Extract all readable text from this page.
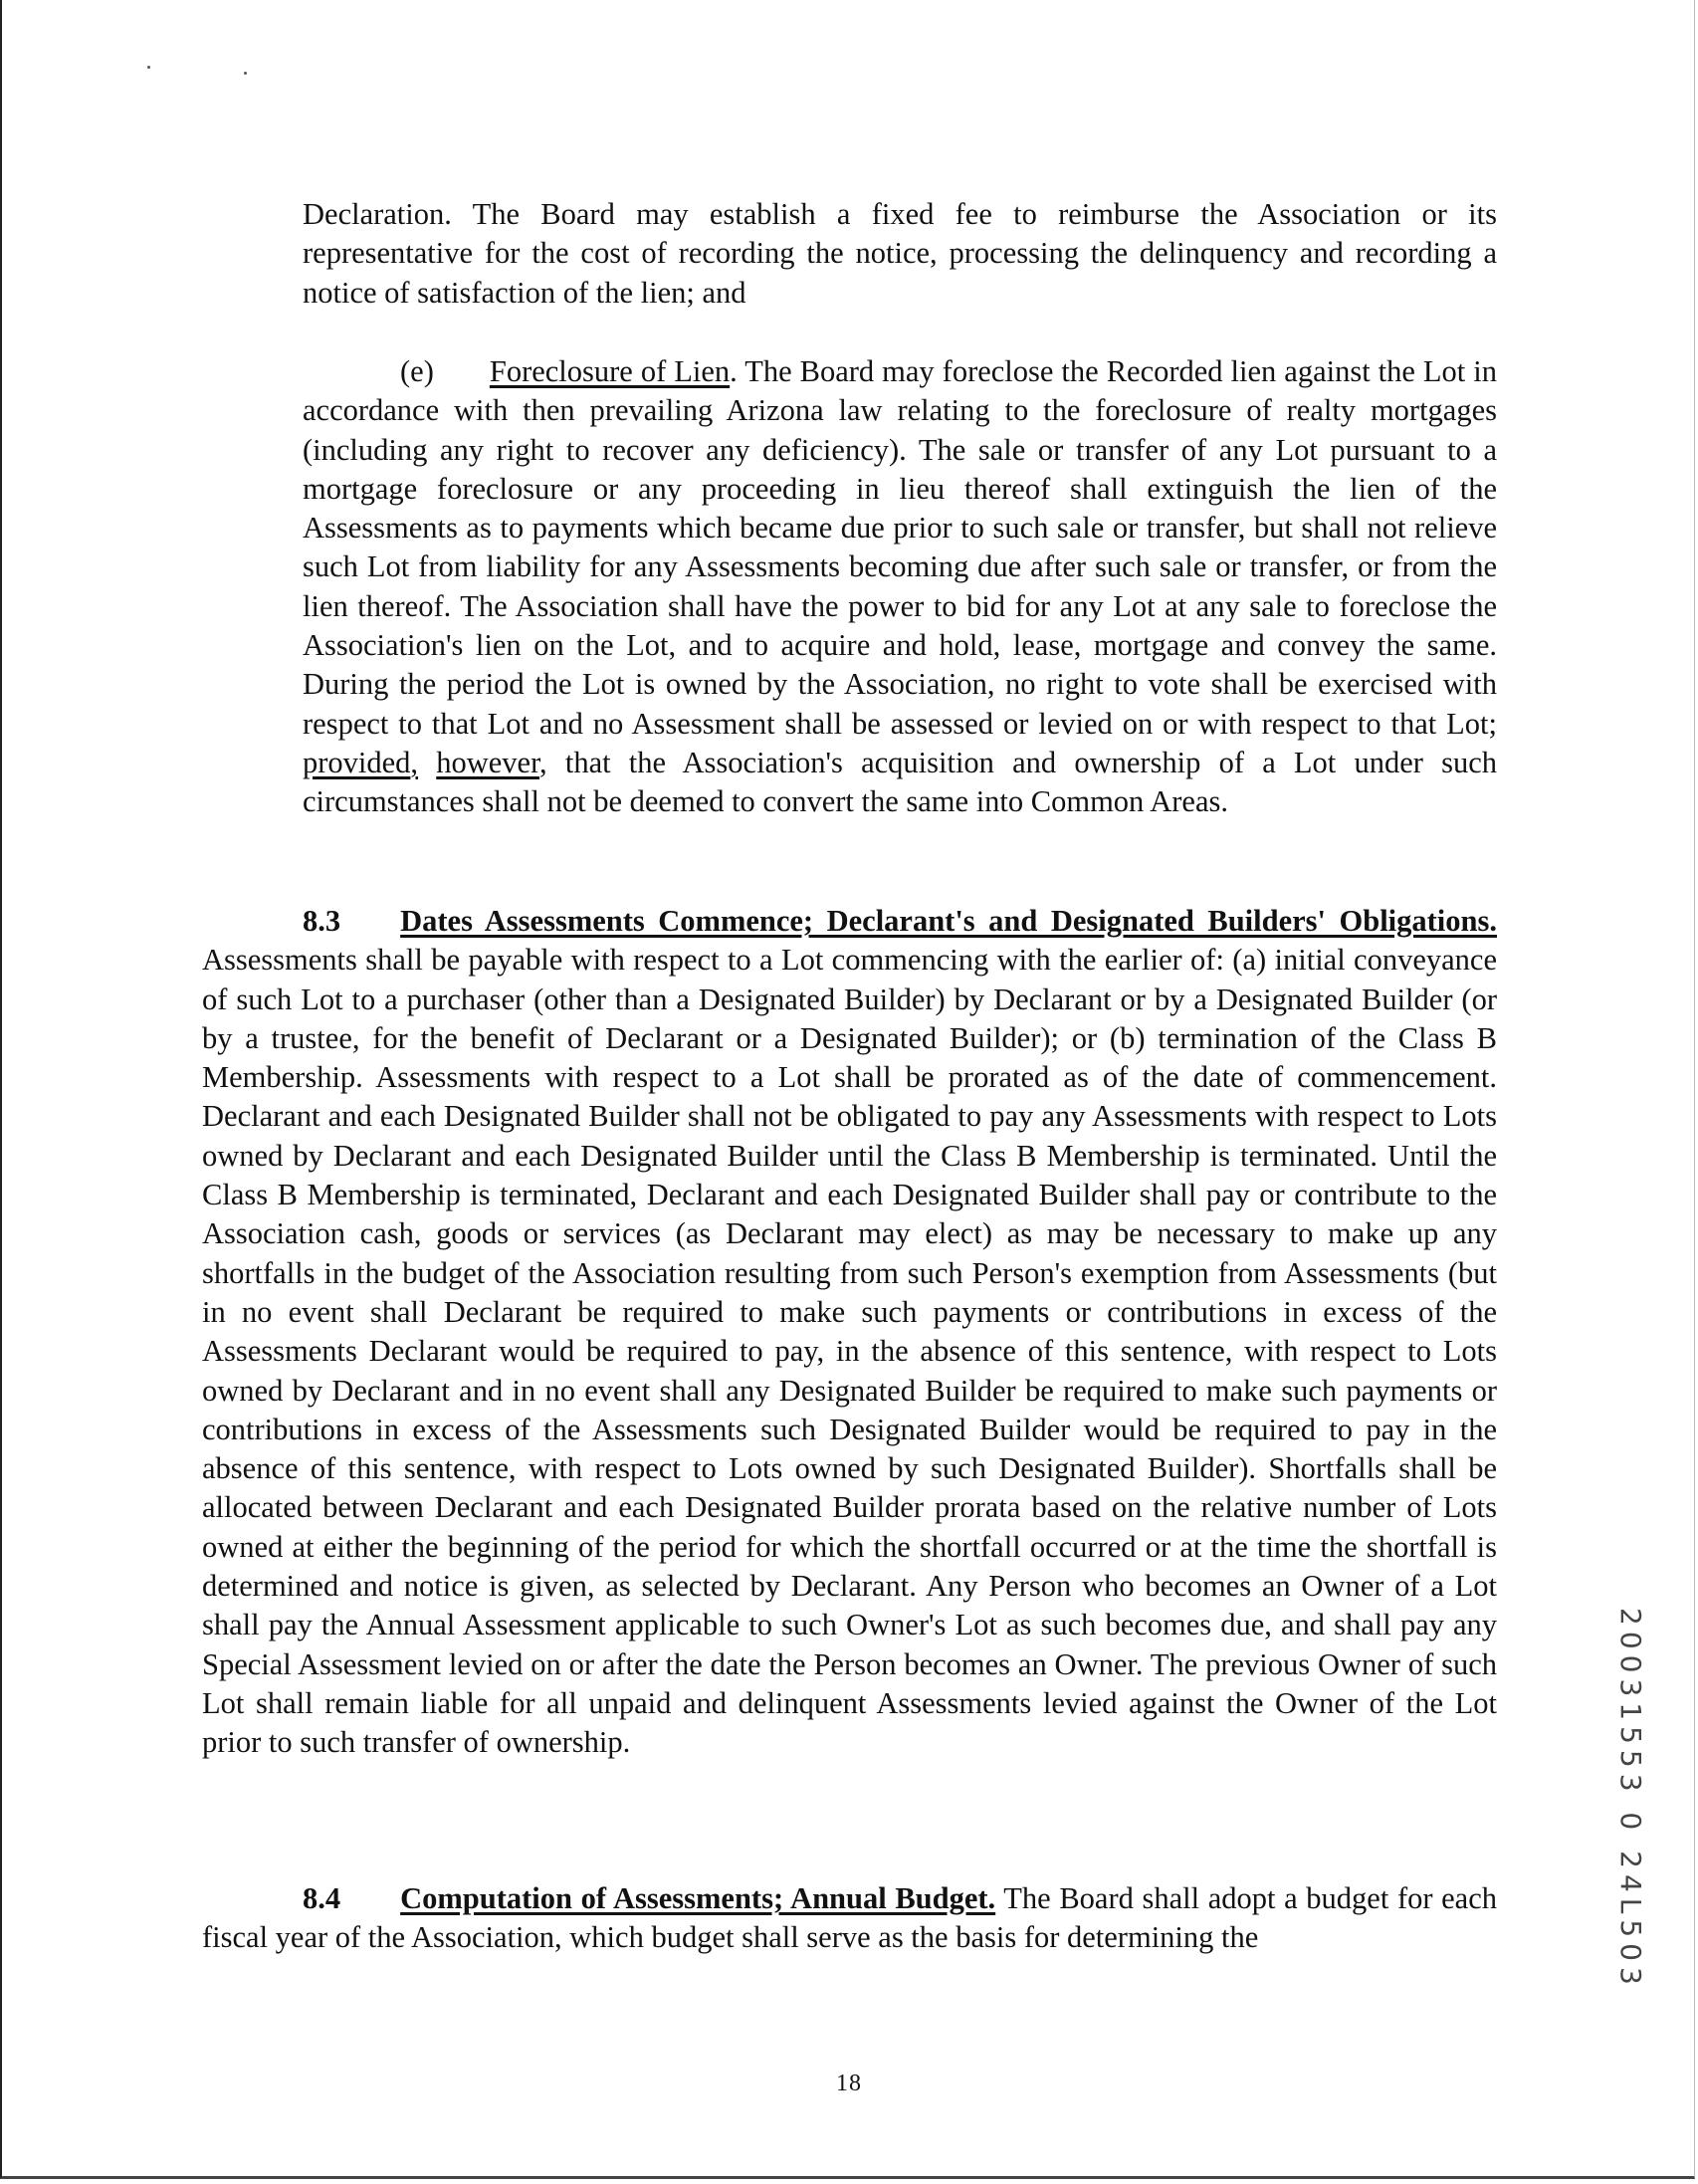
Declaration. The Board may establish a fixed fee to reimburse the Association or its representative for the cost of recording the notice, processing the delinquency and recording a notice of satisfaction of the lien; and
(e) Foreclosure of Lien. The Board may foreclose the Recorded lien against the Lot in accordance with then prevailing Arizona law relating to the foreclosure of realty mortgages (including any right to recover any deficiency). The sale or transfer of any Lot pursuant to a mortgage foreclosure or any proceeding in lieu thereof shall extinguish the lien of the Assessments as to payments which became due prior to such sale or transfer, but shall not relieve such Lot from liability for any Assessments becoming due after such sale or transfer, or from the lien thereof. The Association shall have the power to bid for any Lot at any sale to foreclose the Association's lien on the Lot, and to acquire and hold, lease, mortgage and convey the same. During the period the Lot is owned by the Association, no right to vote shall be exercised with respect to that Lot and no Assessment shall be assessed or levied on or with respect to that Lot; provided, however, that the Association's acquisition and ownership of a Lot under such circumstances shall not be deemed to convert the same into Common Areas.
8.3 Dates Assessments Commence; Declarant's and Designated Builders' Obligations. Assessments shall be payable with respect to a Lot commencing with the earlier of: (a) initial conveyance of such Lot to a purchaser (other than a Designated Builder) by Declarant or by a Designated Builder (or by a trustee, for the benefit of Declarant or a Designated Builder); or (b) termination of the Class B Membership. Assessments with respect to a Lot shall be prorated as of the date of commencement. Declarant and each Designated Builder shall not be obligated to pay any Assessments with respect to Lots owned by Declarant and each Designated Builder until the Class B Membership is terminated. Until the Class B Membership is terminated, Declarant and each Designated Builder shall pay or contribute to the Association cash, goods or services (as Declarant may elect) as may be necessary to make up any shortfalls in the budget of the Association resulting from such Person's exemption from Assessments (but in no event shall Declarant be required to make such payments or contributions in excess of the Assessments Declarant would be required to pay, in the absence of this sentence, with respect to Lots owned by Declarant and in no event shall any Designated Builder be required to make such payments or contributions in excess of the Assessments such Designated Builder would be required to pay in the absence of this sentence, with respect to Lots owned by such Designated Builder). Shortfalls shall be allocated between Declarant and each Designated Builder prorata based on the relative number of Lots owned at either the beginning of the period for which the shortfall occurred or at the time the shortfall is determined and notice is given, as selected by Declarant. Any Person who becomes an Owner of a Lot shall pay the Annual Assessment applicable to such Owner's Lot as such becomes due, and shall pay any Special Assessment levied on or after the date the Person becomes an Owner. The previous Owner of such Lot shall remain liable for all unpaid and delinquent Assessments levied against the Owner of the Lot prior to such transfer of ownership.
8.4 Computation of Assessments; Annual Budget. The Board shall adopt a budget for each fiscal year of the Association, which budget shall serve as the basis for determining the
18
20031553 0 24L503
